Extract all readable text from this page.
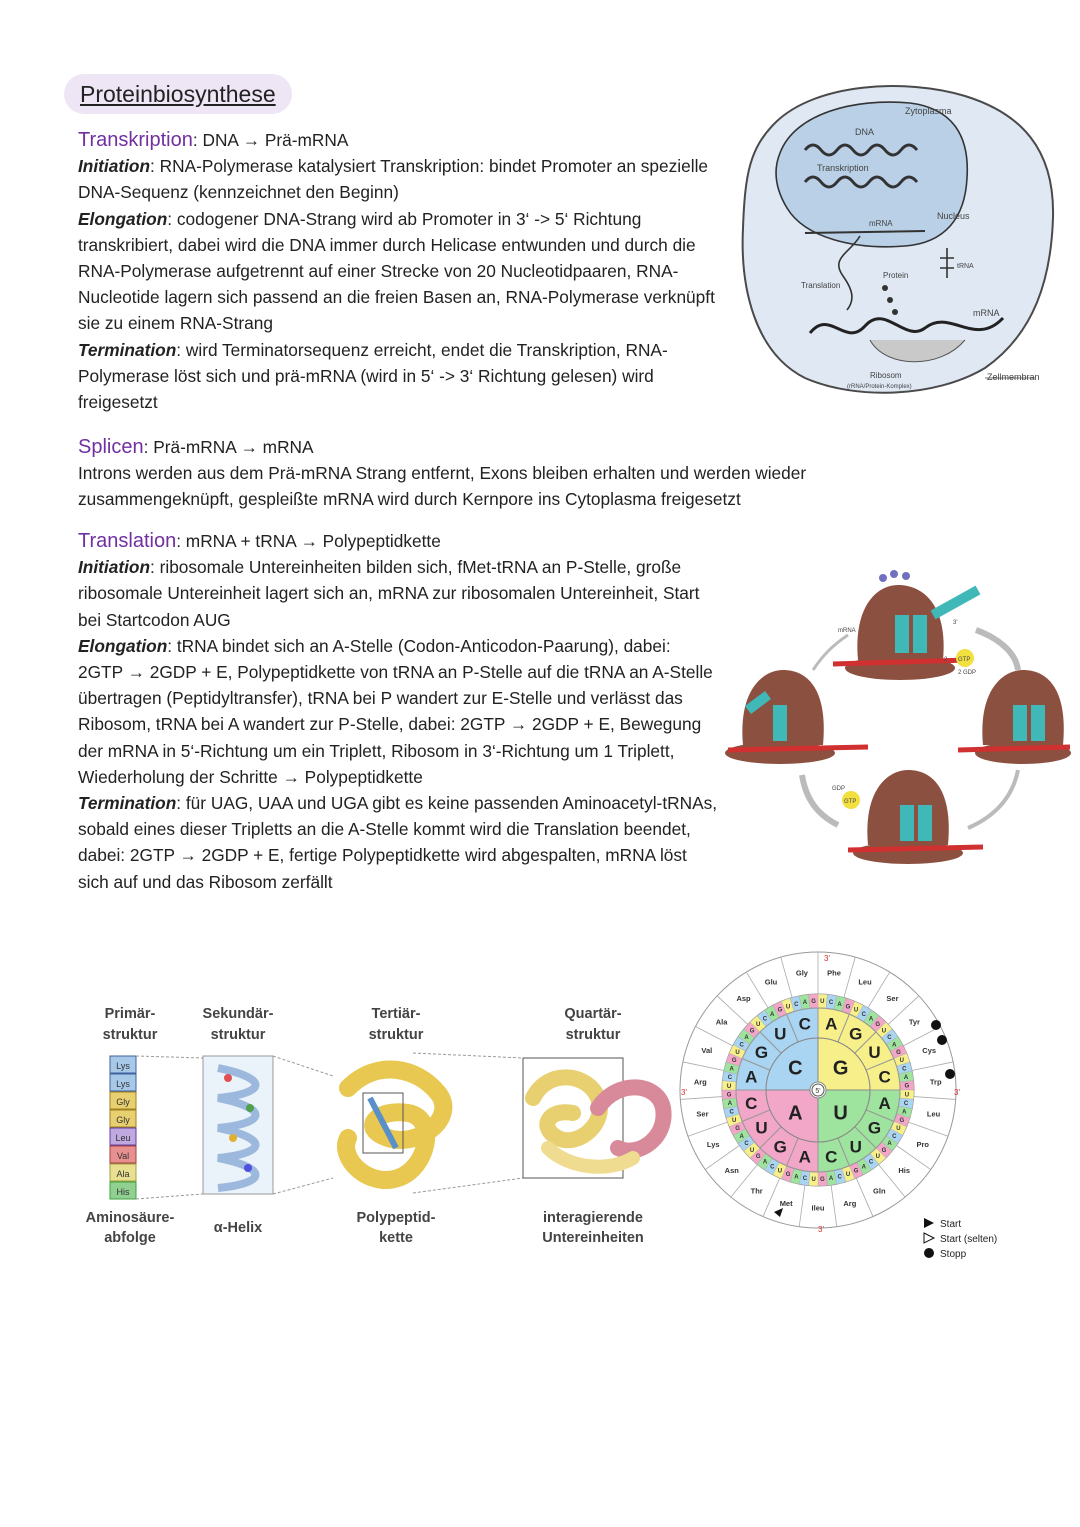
Proteinbiosynthese

Transkription: DNA → Prä-mRNA

Initiation: RNA-Polymerase katalysiert Transkription: bindet Promoter an spezielle DNA-Sequenz (kennzeichnet den Beginn)

Elongation: codogener DNA-Strang wird ab Promoter in 3‘ -> 5‘ Richtung transkribiert, dabei wird die DNA immer durch Helicase entwunden und durch die RNA-Polymerase aufgetrennt auf einer Strecke von 20 Nucleotidpaaren, RNA-Nucleotide lagern sich passend an die freien Basen an, RNA-Polymerase verknüpft sie zu einem RNA-Strang

Termination: wird Terminatorsequenz erreicht, endet die Transkription, RNA-Polymerase löst sich und prä-mRNA (wird in 5‘ -> 3‘ Richtung gelesen) wird freigesetzt

Splicen: Prä-mRNA → mRNA

Introns werden aus dem Prä-mRNA Strang entfernt, Exons bleiben erhalten und werden wieder zusammengeknüpft, gespleißte mRNA wird durch Kernpore ins Cytoplasma freigesetzt

Translation: mRNA + tRNA → Polypeptidkette

Initiation: ribosomale Untereinheiten bilden sich, fMet-tRNA an P-Stelle, große ribosomale Untereinheit lagert sich an, mRNA zur ribosomalen Untereinheit, Start bei Startcodon AUG

Elongation: tRNA bindet sich an A-Stelle (Codon-Anticodon-Paarung), dabei: 2GTP → 2GDP + E, Polypeptidkette von tRNA an P-Stelle auf die tRNA an A-Stelle übertragen (Peptidyltransfer), tRNA bei P wandert zur E-Stelle und verlässt das Ribosom, tRNA bei A wandert zur P-Stelle, dabei: 2GTP → 2GDP + E, Bewegung der mRNA in 5‘-Richtung um ein Triplett, Ribosom in 3‘-Richtung um 1 Triplett, Wiederholung der Schritte → Polypeptidkette

Termination: für UAG, UAA und UGA gibt es keine passenden Aminoacetyl-tRNAs, sobald eines dieser Tripletts an die A-Stelle kommt wird die Translation beendet, dabei: 2GTP → 2GDP + E, fertige Polypeptidkette wird abgespalten, mRNA löst sich auf und das Ribosom zerfällt

Zytoplasma
DNA
Transkription
mRNA
Nucleus
Translation
Protein
tRNA
mRNA
Ribosom
(rRNA/Protein-Komplex)
Zellmembran
mRNA
GTP
2
2 GDP
3'
GDP
GTP
Primär-
struktur
Sekundär-
struktur
Tertiär-
struktur
Quartär-
struktur
Lys
Lys
Gly
Gly
Leu
Val
Ala
His
Aminosäure-
abfolge
α-Helix
Polypeptid-
kette
interagierende
Untereinheiten
U C A G
U
C
A
G
U
C
A
G
U
C
A
G
U
C
A
G
U
C
A
G
U
C
A
G
U
C
A
G
U
C
A
G
U
C
A
G
U
C
A
G
U
C
A
G
U
C
A
G
U
C
A
G
U
C
A
G
U C A G
A
G
U
C
A
G
U
C
A
G
U
C
A
G
U
C
G
U
A
C
Phe
Leu
Ser
Tyr
Cys
Trp
Leu
Pro
His
Gln
Arg
Ileu
Met
Thr
Asn
Lys
Ser
Arg
Val
Ala
Asp
Glu
Gly
5'
3'
3'	3'
3'	Start
Start (selten)
Stopp
